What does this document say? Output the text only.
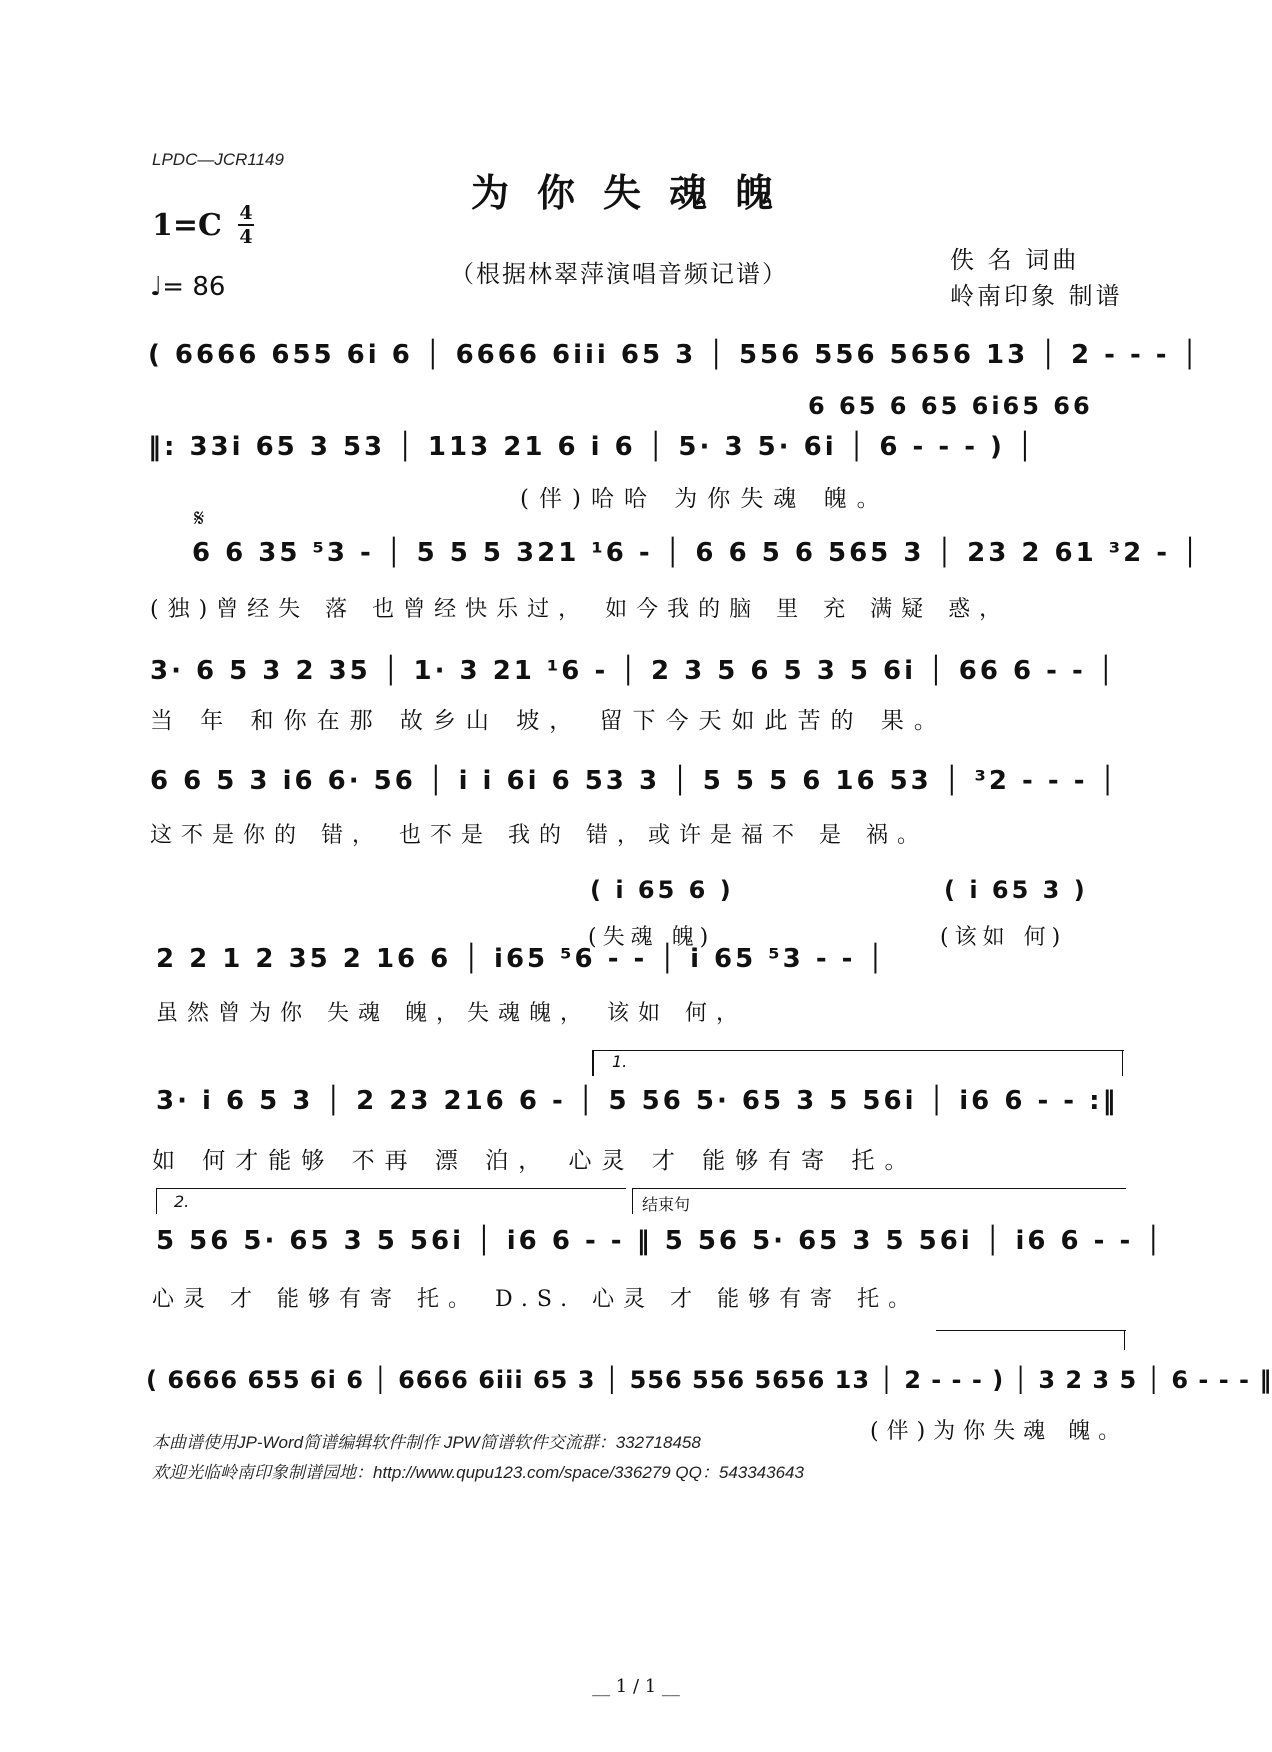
LPDC—JCR1149
为你失魂魄
1=C 4
4
♩= 86	（根据林翠萍演唱音频记谱）	佚 名 词曲
岭南印象 制谱
( 6666 655 6i 6 │ 6666 6iii 65 3 │ 556 556 5656 13 │ 2 - - - │
6 65 6 65 6i65 66
‖: 33i 65 3 53 │ 113 21 6 i 6 │ 5· 3 5· 6i │ 6 - - - ) │
(伴)哈哈 为你失魂 魄。
𝄋
6 6 35 ⁵3 - │ 5 5 5 321 ¹6 - │ 6 6 5 6 565 3 │ 23 2 61 ³2 - │
(独)曾经失 落 也曾经快乐过， 如今我的脑 里 充 满疑 惑，
3· 6 5 3 2 35 │ 1· 3 21 ¹6 - │ 2 3 5 6 5 3 5 6i │ 66 6 - - │
当 年 和你在那 故乡山 坡， 留下今天如此苦的 果。
6 6 5 3 i6 6· 56 │ i i 6i 6 53 3 │ 5 5 5 6 16 53 │ ³2 - - - │
这不是你的 错， 也不是 我的 错，或许是福不 是 祸。
( i 65 6 )	( i 65 3 )
(失魂 魄)	(该如 何)
2 2 1 2 35 2 16 6 │ i65 ⁵6 - - │ i 65 ⁵3 - - │
虽然曾为你 失魂 魄，失魂魄， 该如 何，
1.
3· i 6 5 3 │ 2 23 216 6 - │ 5 56 5· 65 3 5 56i │ i6 6 - - :‖
如 何才能够 不再 漂 泊， 心灵 才 能够有寄 托。
2.	结束句
5 56 5· 65 3 5 56i │ i6 6 - - ‖ 5 56 5· 65 3 5 56i │ i6 6 - - │
心灵 才 能够有寄 托。 D.S. 心灵 才 能够有寄 托。
( 6666 655 6i 6 │ 6666 6iii 65 3 │ 556 556 5656 13 │ 2 - - - ) │ 3 2 3 5 │ 6 - - - ‖
(伴)为你失魂 魄。
本曲谱使用JP-Word简谱编辑软件制作 JPW简谱软件交流群：332718458
欢迎光临岭南印象制谱园地：http://www.qupu123.com/space/336279 QQ：543343643
__ 1 / 1 __
